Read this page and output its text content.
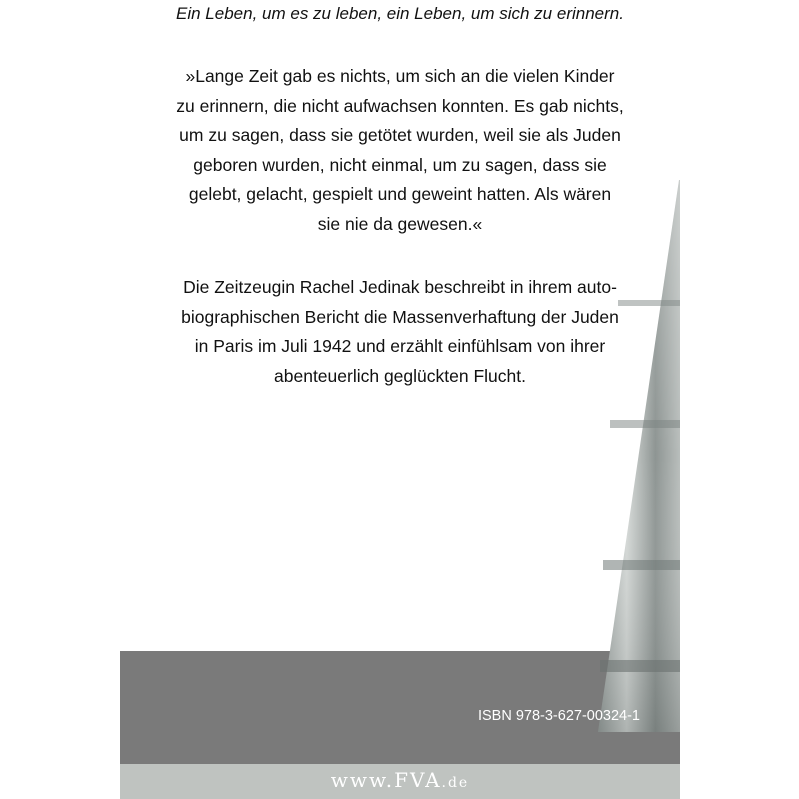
Ein Leben, um es zu leben, ein Leben, um sich zu erinnern.
»Lange Zeit gab es nichts, um sich an die vielen Kinder
zu erinnern, die nicht aufwachsen konnten. Es gab nichts,
um zu sagen, dass sie getötet wurden, weil sie als Juden
geboren wurden, nicht einmal, um zu sagen, dass sie
gelebt, gelacht, gespielt und geweint hatten. Als wären
sie nie da gewesen.«
Die Zeitzeugin Rachel Jedinak beschreibt in ihrem auto-
biographischen Bericht die Massenverhaftung der Juden
in Paris im Juli 1942 und erzählt einfühlsam von ihrer
abenteuerlich geglückten Flucht.
ISBN 978-3-627-00324-1
www.FVA.de
